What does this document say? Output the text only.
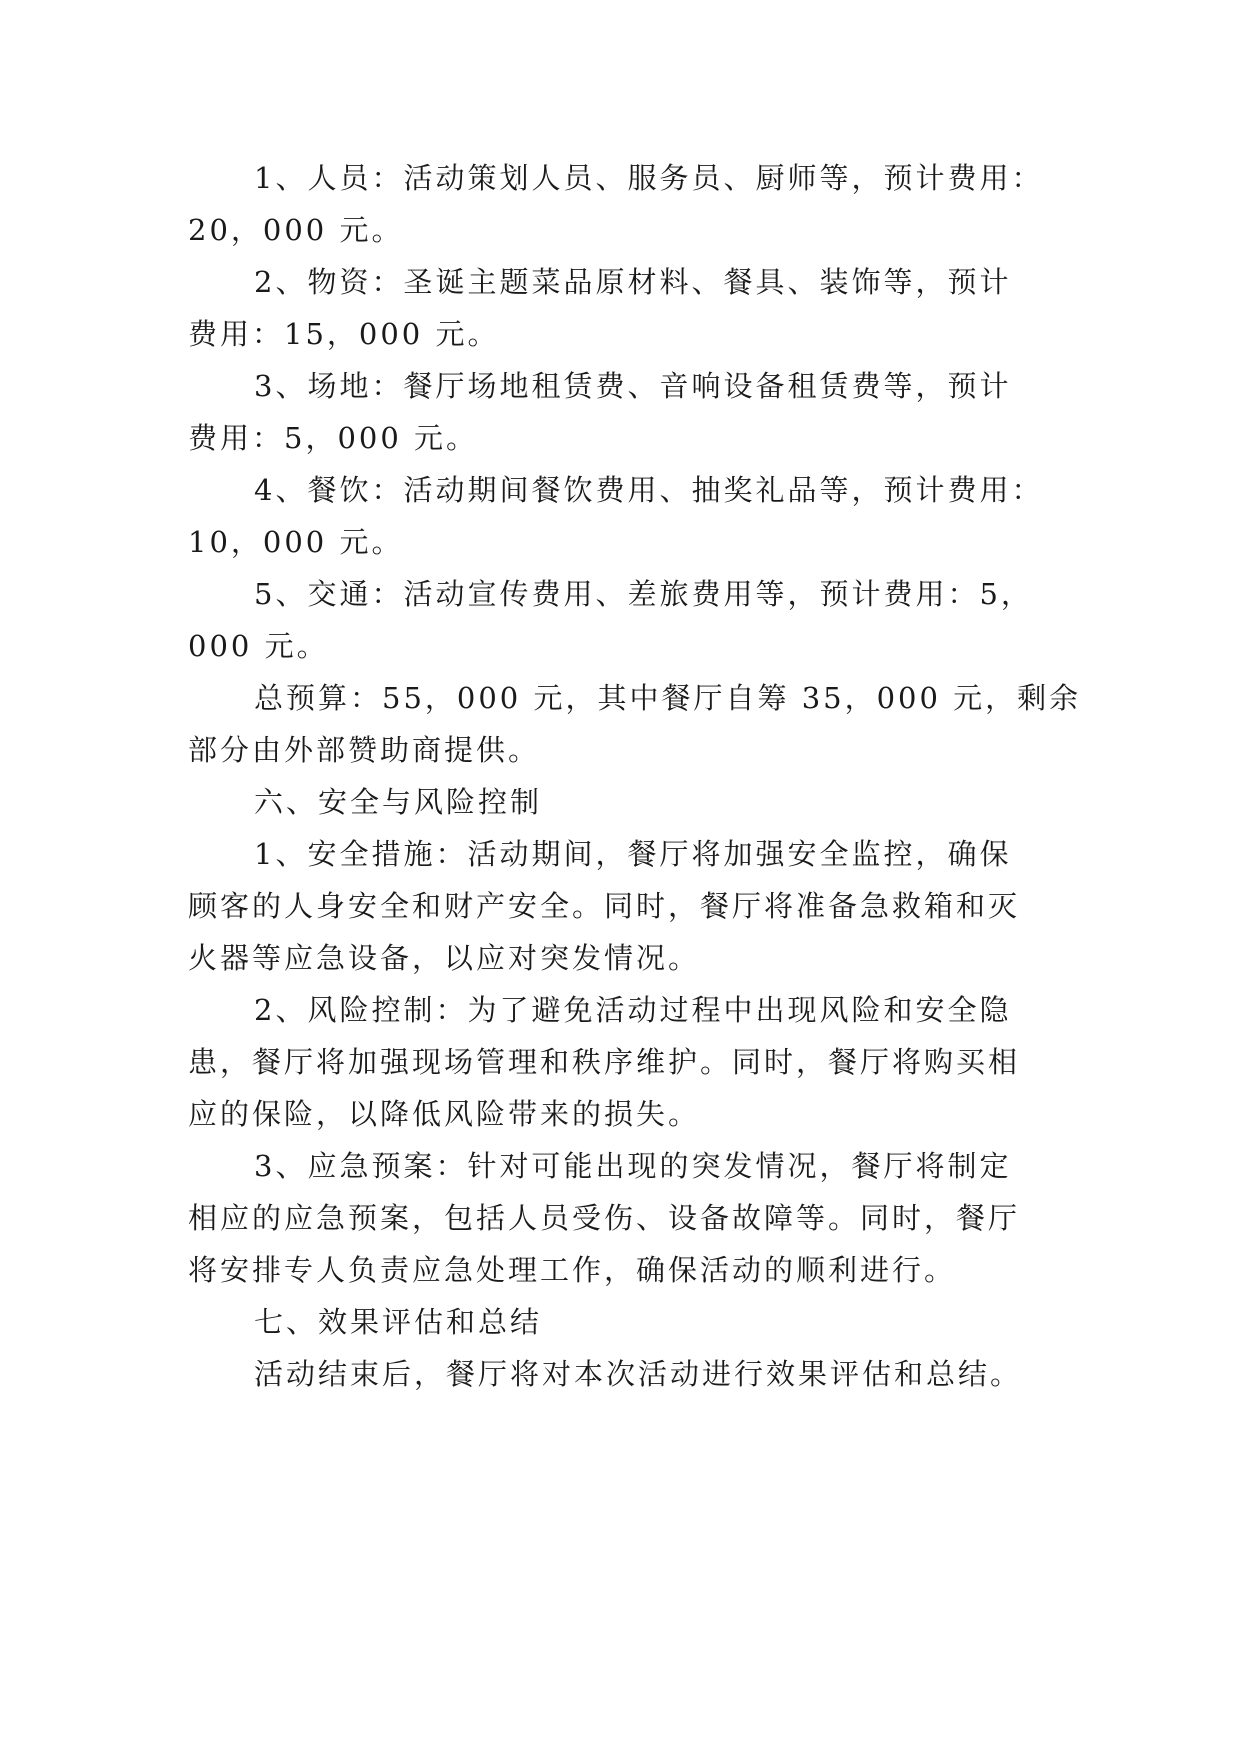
1、人员：活动策划人员、服务员、厨师等，预计费用：
20，000 元。
2、物资：圣诞主题菜品原材料、餐具、装饰等，预计
费用：15，000 元。
3、场地：餐厅场地租赁费、音响设备租赁费等，预计
费用：5，000 元。
4、餐饮：活动期间餐饮费用、抽奖礼品等，预计费用：
10，000 元。
5、交通：活动宣传费用、差旅费用等，预计费用：5，
000 元。
总预算：55，000 元，其中餐厅自筹 35，000 元，剩余
部分由外部赞助商提供。
六、安全与风险控制
1、安全措施：活动期间，餐厅将加强安全监控，确保
顾客的人身安全和财产安全。同时，餐厅将准备急救箱和灭
火器等应急设备，以应对突发情况。
2、风险控制：为了避免活动过程中出现风险和安全隐
患，餐厅将加强现场管理和秩序维护。同时，餐厅将购买相
应的保险，以降低风险带来的损失。
3、应急预案：针对可能出现的突发情况，餐厅将制定
相应的应急预案，包括人员受伤、设备故障等。同时，餐厅
将安排专人负责应急处理工作，确保活动的顺利进行。
七、效果评估和总结
活动结束后，餐厅将对本次活动进行效果评估和总结。
